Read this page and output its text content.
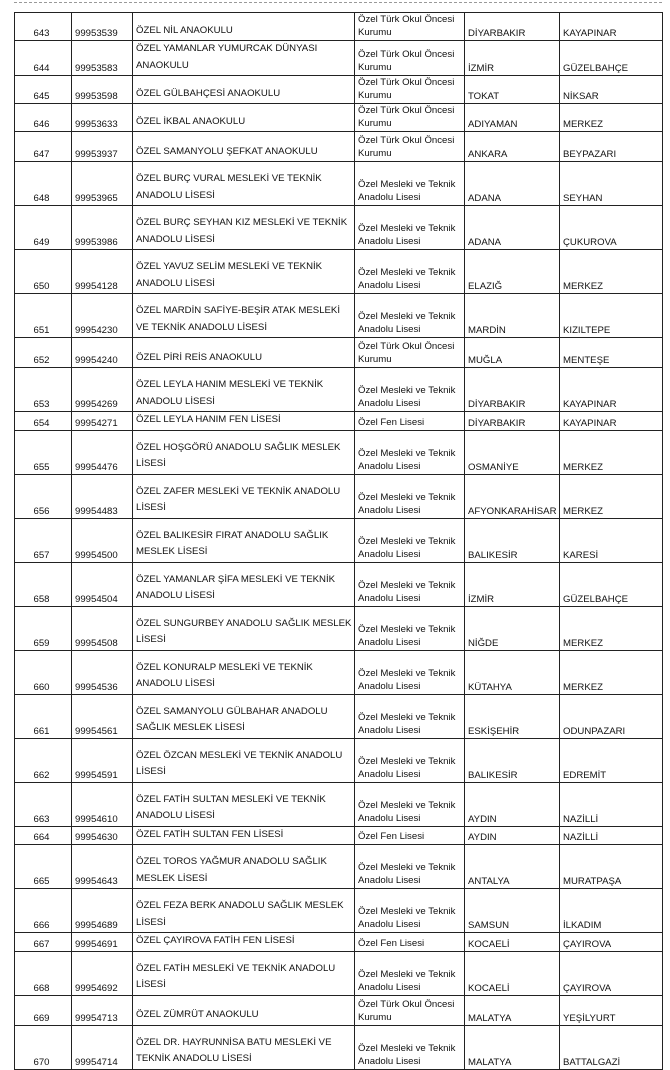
643	99953539	ÖZEL NİL ANAOKULU	Özel Türk Okul Öncesi Kurumu	DİYARBAKIR	KAYAPINAR
644	99953583	ÖZEL YAMANLAR YUMURCAK DÜNYASI ANAOKULU	Özel Türk Okul Öncesi Kurumu	İZMİR	GÜZELBAHÇE
645	99953598	ÖZEL GÜLBAHÇESİ ANAOKULU	Özel Türk Okul Öncesi Kurumu	TOKAT	NİKSAR
646	99953633	ÖZEL İKBAL ANAOKULU	Özel Türk Okul Öncesi Kurumu	ADIYAMAN	MERKEZ
647	99953937	ÖZEL SAMANYOLU ŞEFKAT ANAOKULU	Özel Türk Okul Öncesi Kurumu	ANKARA	BEYPAZARI
648	99953965	ÖZEL BURÇ VURAL MESLEKİ VE TEKNİK ANADOLU LİSESİ	Özel Mesleki ve Teknik Anadolu Lisesi	ADANA	SEYHAN
649	99953986	ÖZEL BURÇ SEYHAN KIZ MESLEKİ VE TEKNİK ANADOLU LİSESİ	Özel Mesleki ve Teknik Anadolu Lisesi	ADANA	ÇUKUROVA
650	99954128	ÖZEL YAVUZ SELİM MESLEKİ VE TEKNİK ANADOLU LİSESİ	Özel Mesleki ve Teknik Anadolu Lisesi	ELAZIĞ	MERKEZ
651	99954230	ÖZEL MARDİN SAFİYE-BEŞİR ATAK MESLEKİ VE TEKNİK ANADOLU LİSESİ	Özel Mesleki ve Teknik Anadolu Lisesi	MARDİN	KIZILTEPE
652	99954240	ÖZEL PİRİ REİS ANAOKULU	Özel Türk Okul Öncesi Kurumu	MUĞLA	MENTEŞE
653	99954269	ÖZEL LEYLA HANIM MESLEKİ VE TEKNİK ANADOLU LİSESİ	Özel Mesleki ve Teknik Anadolu Lisesi	DİYARBAKIR	KAYAPINAR
654	99954271	ÖZEL LEYLA HANIM FEN LİSESİ	Özel Fen Lisesi	DİYARBAKIR	KAYAPINAR
655	99954476	ÖZEL HOŞGÖRÜ ANADOLU SAĞLIK MESLEK LİSESİ	Özel Mesleki ve Teknik Anadolu Lisesi	OSMANİYE	MERKEZ
656	99954483	ÖZEL ZAFER MESLEKİ VE TEKNİK ANADOLU LİSESİ	Özel Mesleki ve Teknik Anadolu Lisesi	AFYONKARAHİSAR	MERKEZ
657	99954500	ÖZEL BALIKESİR FIRAT ANADOLU SAĞLIK MESLEK LİSESİ	Özel Mesleki ve Teknik Anadolu Lisesi	BALIKESİR	KARESİ
658	99954504	ÖZEL YAMANLAR ŞİFA MESLEKİ VE TEKNİK ANADOLU LİSESİ	Özel Mesleki ve Teknik Anadolu Lisesi	İZMİR	GÜZELBAHÇE
659	99954508	ÖZEL SUNGURBEY ANADOLU SAĞLIK MESLEK LİSESİ	Özel Mesleki ve Teknik Anadolu Lisesi	NİĞDE	MERKEZ
660	99954536	ÖZEL KONURALP MESLEKİ VE TEKNİK ANADOLU LİSESİ	Özel Mesleki ve Teknik Anadolu Lisesi	KÜTAHYA	MERKEZ
661	99954561	ÖZEL SAMANYOLU GÜLBAHAR ANADOLU SAĞLIK MESLEK LİSESİ	Özel Mesleki ve Teknik Anadolu Lisesi	ESKİŞEHİR	ODUNPAZARI
662	99954591	ÖZEL ÖZCAN MESLEKİ VE TEKNİK ANADOLU LİSESİ	Özel Mesleki ve Teknik Anadolu Lisesi	BALIKESİR	EDREMİT
663	99954610	ÖZEL FATİH SULTAN MESLEKİ VE TEKNİK ANADOLU LİSESİ	Özel Mesleki ve Teknik Anadolu Lisesi	AYDIN	NAZİLLİ
664	99954630	ÖZEL FATİH SULTAN FEN LİSESİ	Özel Fen Lisesi	AYDIN	NAZİLLİ
665	99954643	ÖZEL TOROS YAĞMUR ANADOLU SAĞLIK MESLEK LİSESİ	Özel Mesleki ve Teknik Anadolu Lisesi	ANTALYA	MURATPAŞA
666	99954689	ÖZEL FEZA BERK ANADOLU SAĞLIK MESLEK LİSESİ	Özel Mesleki ve Teknik Anadolu Lisesi	SAMSUN	İLKADIM
667	99954691	ÖZEL ÇAYIROVA FATİH FEN LİSESİ	Özel Fen Lisesi	KOCAELİ	ÇAYIROVA
668	99954692	ÖZEL FATİH MESLEKİ VE TEKNİK ANADOLU LİSESİ	Özel Mesleki ve Teknik Anadolu Lisesi	KOCAELİ	ÇAYIROVA
669	99954713	ÖZEL ZÜMRÜT ANAOKULU	Özel Türk Okul Öncesi Kurumu	MALATYA	YEŞİLYURT
670	99954714	ÖZEL DR. HAYRUNNİSA BATU MESLEKİ VE TEKNİK ANADOLU LİSESİ	Özel Mesleki ve Teknik Anadolu Lisesi	MALATYA	BATTALGAZİ
